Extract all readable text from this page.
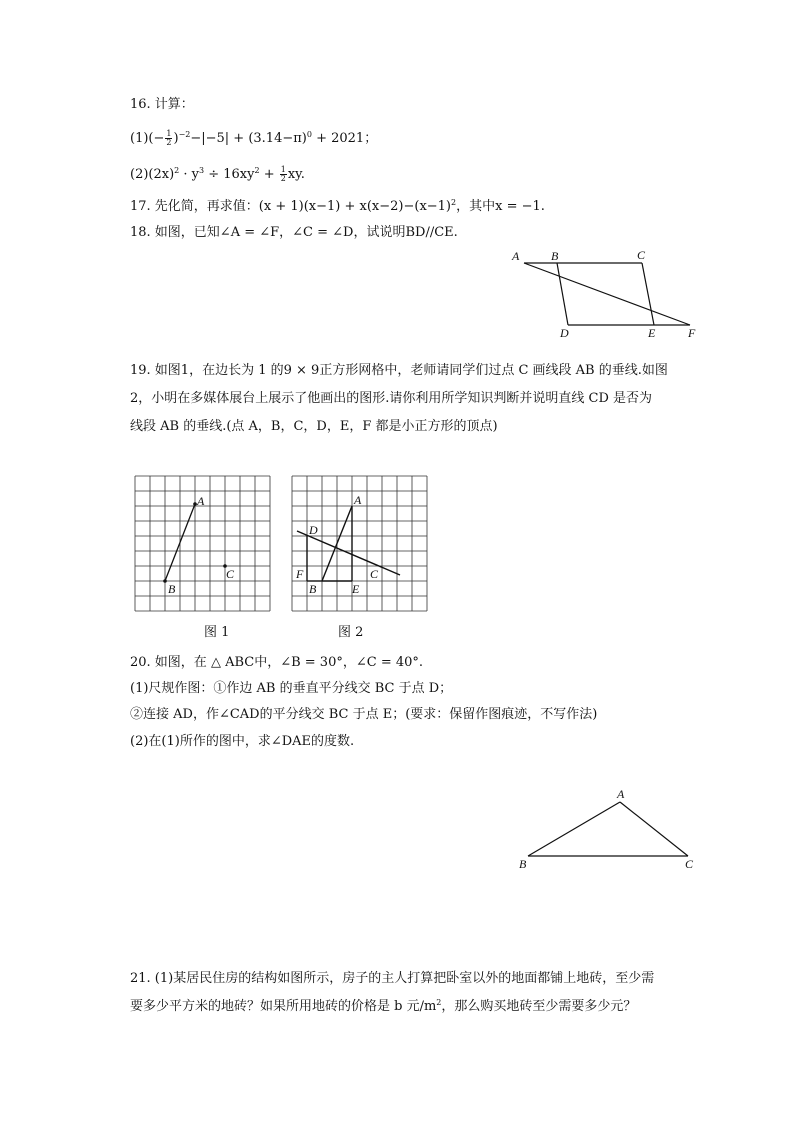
16. 计算：
$(1)(- \frac{1}{2} )^{-2}-|-5| + (3.14-\pi)^0 + 2021$；
$(2)(2x)^2 \cdot y^3 \div 16xy^2 + \frac{1}{2}$ xy.
17. 先化简，再求值：$(x + 1)(x-1) + x(x-2)-(x-1)^2$，其中x = −1.
18. 如图，已知∠A = ∠F，∠C = ∠D，试说明BD//CE.
A	B	C
D	E	F
19. 如图1，在边长为 1 的9 × 9正方形网格中，老师请同学们过点 C 画线段 AB 的垂线.如图
2，小明在多媒体展台上展示了他画出的图形.请你利用所学知识判断并说明直线 CD 是否为
线段 AB 的垂线.(点 A，B，C，D，E，F 都是小正方形的顶点)
A
B
C
A
D
C
F
B	E
图 1	图 2
20. 如图，在 △ ABC中，∠B = 30°，∠C = 40°.
(1)尺规作图：①作边 AB 的垂直平分线交 BC 于点 D；
②连接 AD，作∠CAD的平分线交 BC 于点 E；(要求：保留作图痕迹，不写作法)
(2)在(1)所作的图中，求∠DAE的度数.
A
B	C
21. (1)某居民住房的结构如图所示，房子的主人打算把卧室以外的地面都铺上地砖，至少需
要多少平方米的地砖？如果所用地砖的价格是 b 元$/m^2$，那么购买地砖至少需要多少元？
